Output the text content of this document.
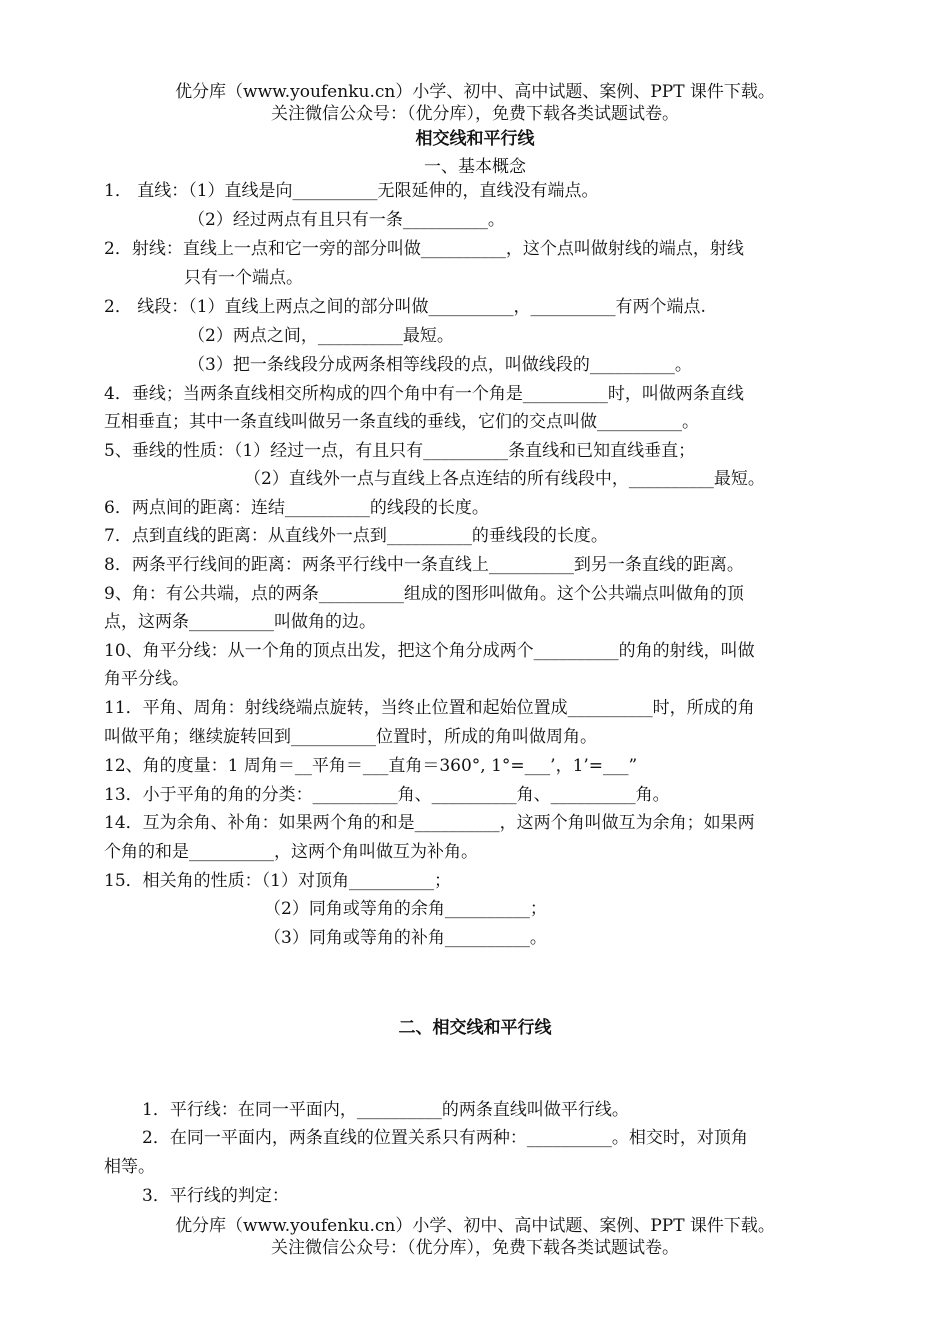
优分库（www.youfenku.cn）小学、初中、高中试题、案例、PPT 课件下载。
关注微信公众号：（优分库），免费下载各类试题试卷。
相交线和平行线
一、基本概念
1． 直线：（1）直线是向__________无限延伸的，直线没有端点。
（2）经过两点有且只有一条__________。
2．射线：直线上一点和它一旁的部分叫做__________，这个点叫做射线的端点，射线
只有一个端点。
2． 线段：（1）直线上两点之间的部分叫做__________，__________有两个端点.
（2）两点之间，__________最短。
（3）把一条线段分成两条相等线段的点，叫做线段的__________。
4．垂线；当两条直线相交所构成的四个角中有一个角是__________时，叫做两条直线
互相垂直；其中一条直线叫做另一条直线的垂线，它们的交点叫做__________。
5、垂线的性质：（1）经过一点，有且只有__________条直线和已知直线垂直；
（2）直线外一点与直线上各点连结的所有线段中，__________最短。
6．两点间的距离：连结__________的线段的长度。
7．点到直线的距离：从直线外一点到__________的垂线段的长度。
8．两条平行线间的距离：两条平行线中一条直线上__________到另一条直线的距离。
9、角：有公共端，点的两条__________组成的图形叫做角。这个公共端点叫做角的顶
点，这两条__________叫做角的边。
10、角平分线：从一个角的顶点出发，把这个角分成两个__________的角的射线，叫做
角平分线。
11．平角、周角：射线绕端点旋转，当终止位置和起始位置成__________时，所成的角
叫做平角；继续旋转回到__________位置时，所成的角叫做周角。
12、角的度量：1 周角＝__平角＝___直角＝360°, 1°=___’，1’=___”
13．小于平角的角的分类：__________角、__________角、__________角。
14．互为余角、补角：如果两个角的和是__________，这两个角叫做互为余角；如果两
个角的和是__________，这两个角叫做互为补角。
15．相关角的性质：（1）对顶角__________；
（2）同角或等角的余角__________；
（3）同角或等角的补角__________。
二、相交线和平行线
1．平行线：在同一平面内，__________的两条直线叫做平行线。
2．在同一平面内，两条直线的位置关系只有两种：__________。相交时，对顶角
相等。
3．平行线的判定：
优分库（www.youfenku.cn）小学、初中、高中试题、案例、PPT 课件下载。
关注微信公众号：（优分库），免费下载各类试题试卷。
